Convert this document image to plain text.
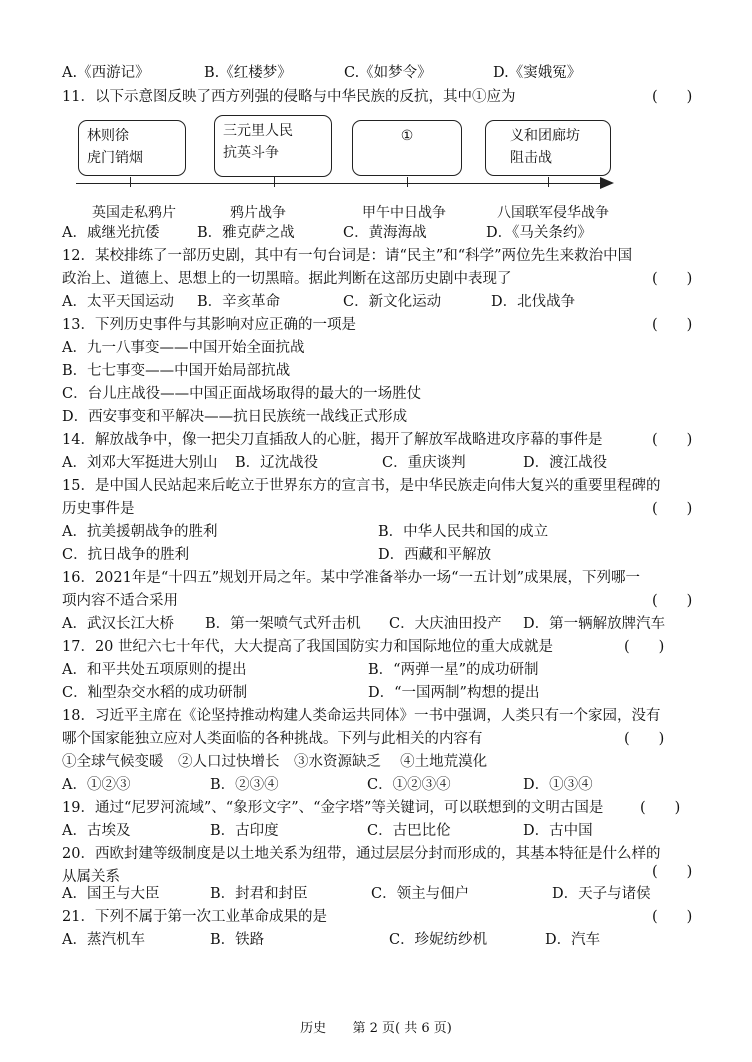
A.《西游记》	B.《红楼梦》	C.《如梦令》	D.《窦娥冤》
11．以下示意图反映了西方列强的侵略与中华民族的反抗，其中①应为	(　　)
林则徐
虎门销烟
三元里人民
抗英斗争
①	义和团廊坊
阻击战
英国走私鸦片	鸦片战争	甲午中日战争	八国联军侵华战争
A．戚继光抗倭	B．雅克萨之战	C．黄海海战	D．《马关条约》
12．某校排练了一部历史剧，其中有一句台词是：请“民主”和“科学”两位先生来救治中国
政治上、道德上、思想上的一切黑暗。据此判断在这部历史剧中表现了	(　　)
A．太平天国运动 B．辛亥革命	C．新文化运动	D．北伐战争
13．下列历史事件与其影响对应正确的一项是	(　　)
A．九一八事变——中国开始全面抗战
B．七七事变——中国开始局部抗战
C．台儿庄战役——中国正面战场取得的最大的一场胜仗
D．西安事变和平解决——抗日民族统一战线正式形成
14．解放战争中，像一把尖刀直插敌人的心脏，揭开了解放军战略进攻序幕的事件是	(　　)
A．刘邓大军挺进大别山 B．辽沈战役	C．重庆谈判	D．渡江战役
15．是中国人民站起来后屹立于世界东方的宣言书，是中华民族走向伟大复兴的重要里程碑的
历史事件是	(　　)
A．抗美援朝战争的胜利	B．中华人民共和国的成立
C．抗日战争的胜利	D．西藏和平解放
16．2021年是“十四五”规划开局之年。某中学准备举办一场“一五计划”成果展，下列哪一
项内容不适合采用	(　　)
A．武汉长江大桥 B．第一架喷气式歼击机 C．大庆油田投产 D．第一辆解放牌汽车
17．20 世纪六七十年代，大大提高了我国国防实力和国际地位的重大成就是	(　　)
A．和平共处五项原则的提出	B．“两弹一星”的成功研制
C．籼型杂交水稻的成功研制	D．“一国两制”构想的提出
18．习近平主席在《论坚持推动构建人类命运共同体》一书中强调，人类只有一个家园，没有
哪个国家能独立应对人类面临的各种挑战。下列与此相关的内容有	(　　)
①全球气候变暖　②人口过快增长　③水资源缺乏　 ④土地荒漠化
A．①②③	B．②③④	C．①②③④	D．①③④
19．通过“尼罗河流域”、“象形文字”、“金字塔”等关键词，可以联想到的文明古国是	(　　)
A．古埃及	B．古印度	C．古巴比伦	D．古中国
20．西欧封建等级制度是以土地关系为纽带，通过层层分封而形成的，其基本特征是什么样的
从属关系	(　　)
A．国王与大臣	B．封君和封臣	C．领主与佃户	D．天子与诸侯
21．下列不属于第一次工业革命成果的是	(　　)
A．蒸汽机车	B．铁路	C．珍妮纺纱机	D．汽车
历史 第 2 页( 共 6 页)
